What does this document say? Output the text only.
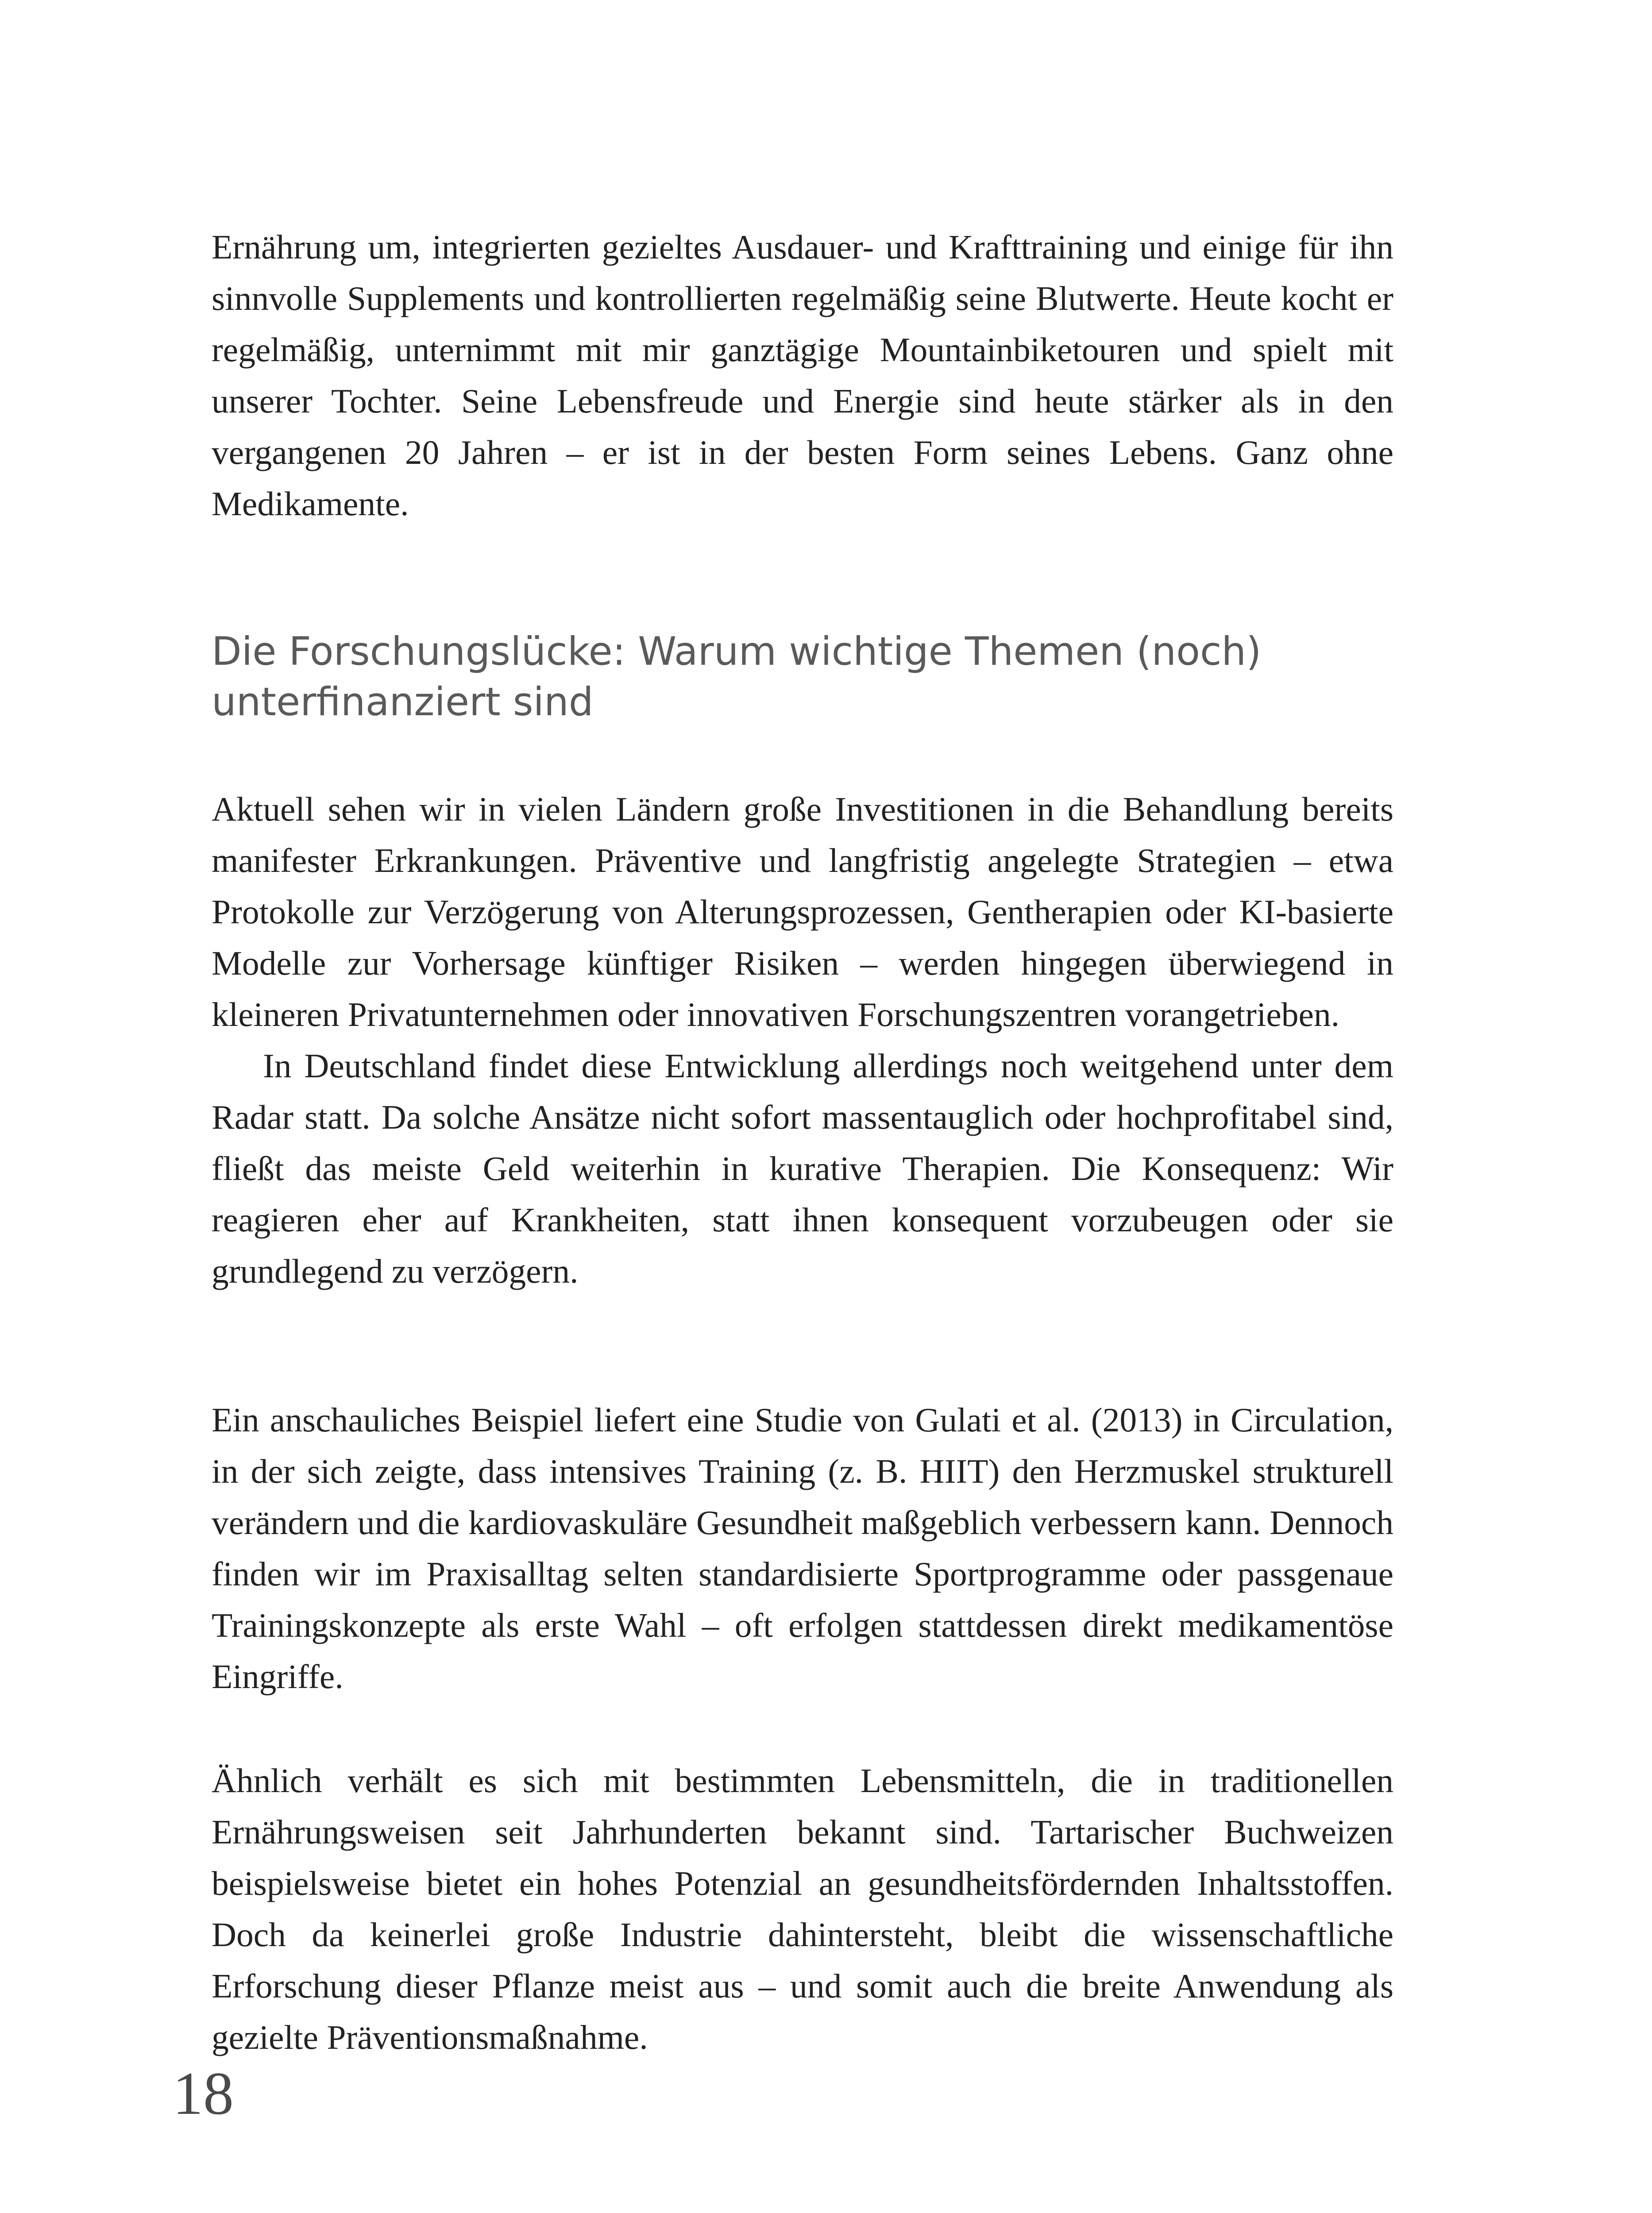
Ernährung um, integrierten gezieltes Ausdauer- und Krafttraining und einige für ihn sinnvolle Supplements und kontrollierten regelmäßig seine Blutwerte. Heute kocht er regelmäßig, unternimmt mit mir ganztägige Mountainbiketouren und spielt mit unserer Tochter. Seine Lebensfreude und Energie sind heute stärker als in den vergangenen 20 Jahren – er ist in der besten Form seines Lebens. Ganz ohne Medikamente.

Die Forschungslücke: Warum wichtige Themen (noch)
unterfinanziert sind

Aktuell sehen wir in vielen Ländern große Investitionen in die Behandlung bereits manifester Erkrankungen. Präventive und langfristig angelegte Strategien – etwa Protokolle zur Verzögerung von Alterungsprozessen, Gentherapien oder KI-basierte Modelle zur Vorhersage künftiger Risiken – werden hingegen überwiegend in kleineren Privatunternehmen oder innovativen Forschungszentren vorangetrieben.

In Deutschland findet diese Entwicklung allerdings noch weitgehend unter dem Radar statt. Da solche Ansätze nicht sofort massentauglich oder hochprofitabel sind, fließt das meiste Geld weiterhin in kurative Therapien. Die Konsequenz: Wir reagieren eher auf Krankheiten, statt ihnen konsequent vorzubeugen oder sie grundlegend zu verzögern.

Ein anschauliches Beispiel liefert eine Studie von Gulati et al. (2013) in Circulation, in der sich zeigte, dass intensives Training (z. B. HIIT) den Herzmuskel strukturell verändern und die kardiovaskuläre Gesundheit maßgeblich verbessern kann. Dennoch finden wir im Praxisalltag selten standardisierte Sportprogramme oder passgenaue Trainingskonzepte als erste Wahl – oft erfolgen stattdessen direkt medikamentöse Eingriffe.

Ähnlich verhält es sich mit bestimmten Lebensmitteln, die in traditionellen Ernährungsweisen seit Jahrhunderten bekannt sind. Tartarischer Buchweizen beispielsweise bietet ein hohes Potenzial an gesundheitsfördernden Inhaltsstoffen. Doch da keinerlei große Industrie dahintersteht, bleibt die wissenschaftliche Erforschung dieser Pflanze meist aus – und somit auch die breite Anwendung als gezielte Präventionsmaßnahme.

18
